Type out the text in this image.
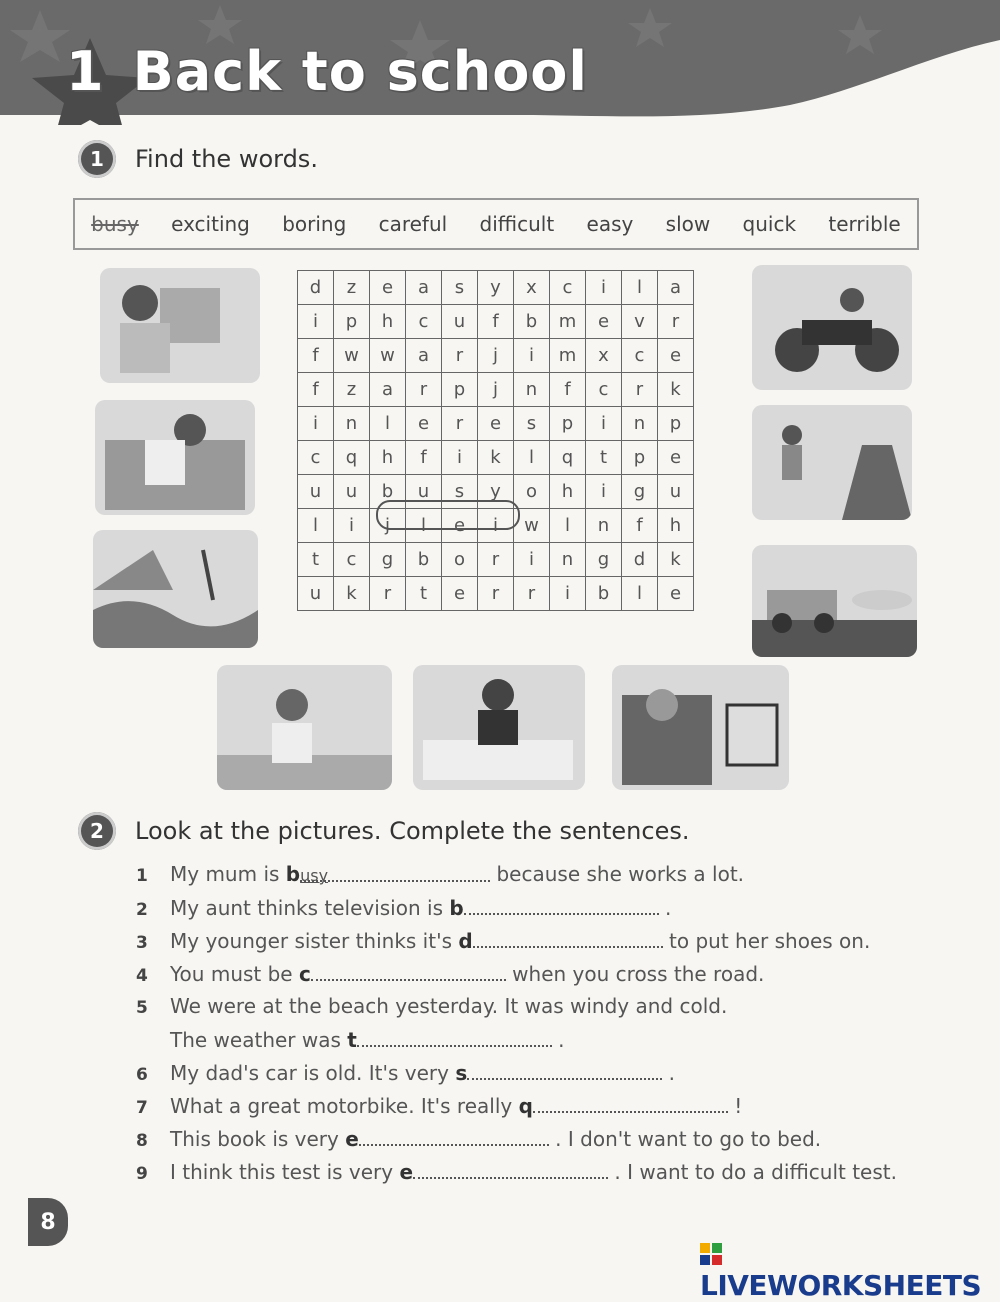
1 Back to school
1	Find the words.
busy exciting boring careful difficult easy slow quick terrible
d	z	e	a	s	y	x	c	i	l	a
i	p	h	c	u	f	b	m	e	v	r
f	w	w	a	r	j	i	m	x	c	e
f	z	a	r	p	j	n	f	c	r	k
i	n	l	e	r	e	s	p	i	n	p
c	q	h	f	i	k	l	q	t	p	e
u	u	b	u	s	y	o	h	i	g	u
l	i	j	l	e	i	w	l	n	f	h
t	c	g	b	o	r	i	n	g	d	k
u	k	r	t	e	r	r	i	b	l	e
2	Look at the pictures. Complete the sentences.
1 My mum is busy	because she works a lot.
2 My aunt thinks television is b	.
3 My younger sister thinks it's d	to put her shoes on.
4 You must be c	when you cross the road.
5 We were at the beach yesterday. It was windy and cold.
The weather was t	.
6 My dad's car is old. It's very s	.
7 What a great motorbike. It's really q	!
8 This book is very e	. I don't want to go to bed.
9 I think this test is very e	. I want to do a difficult test.
8
LIVEWORKSHEETS
